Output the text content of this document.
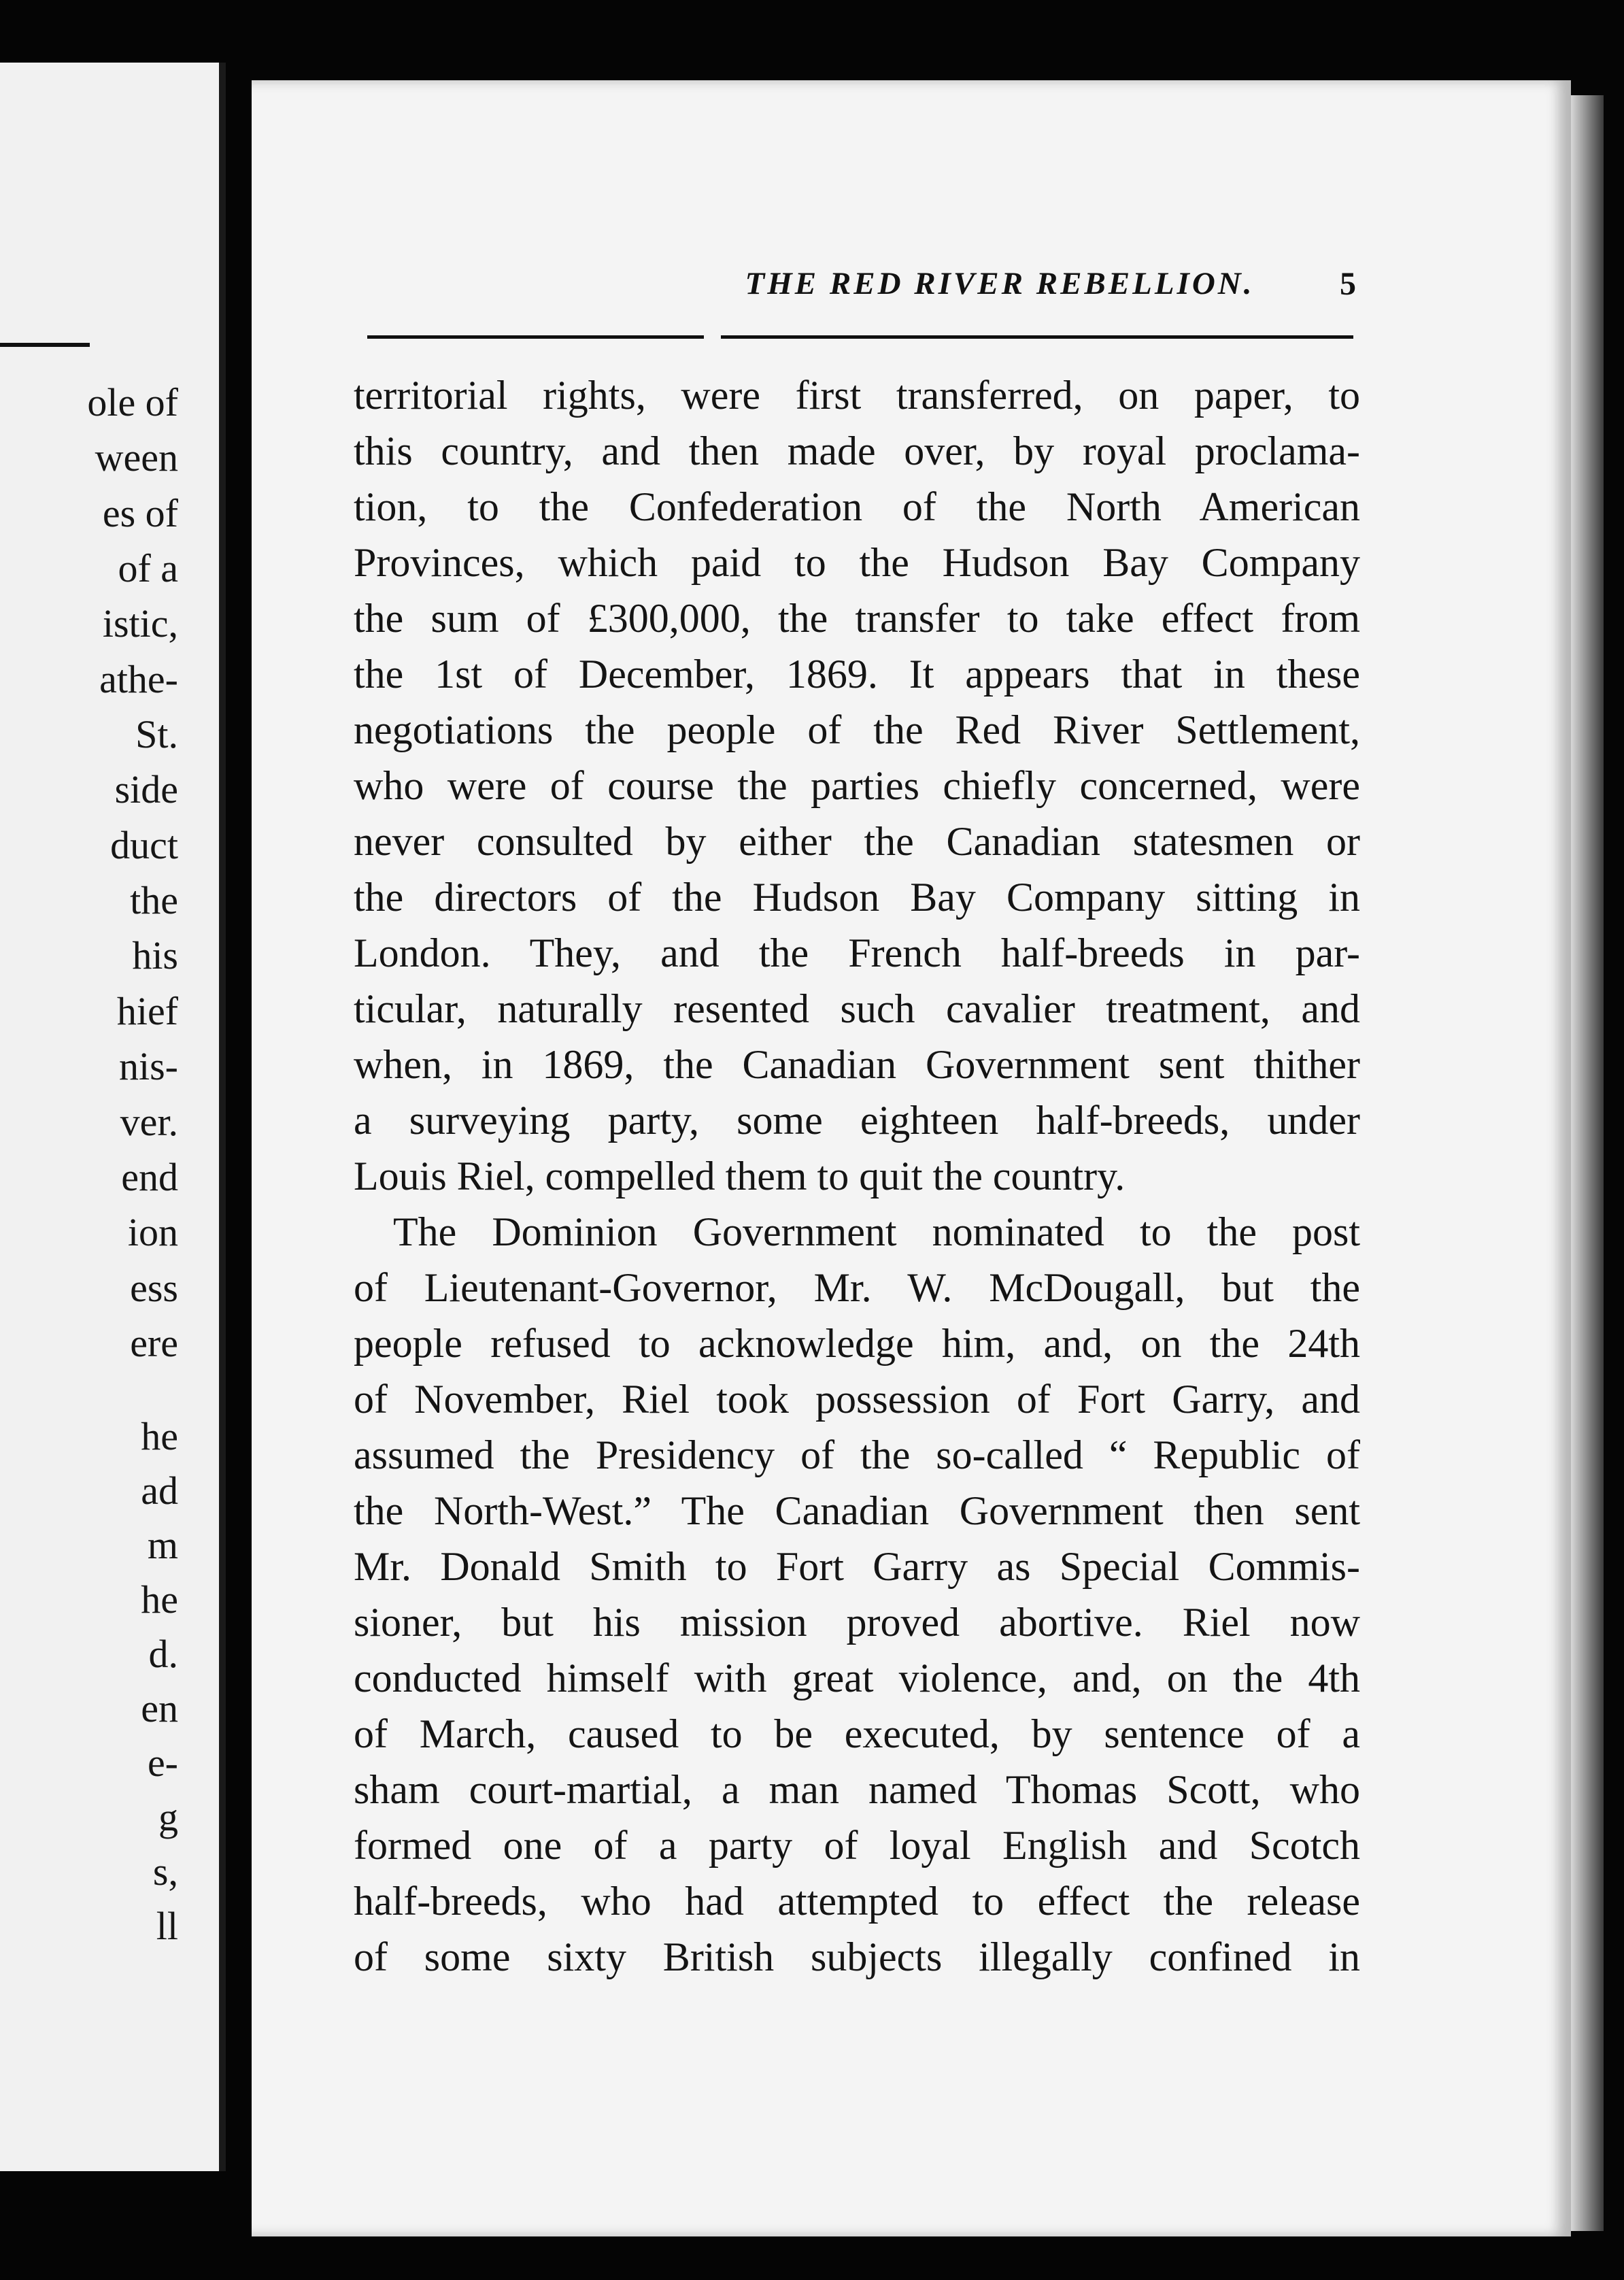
ole of
ween
es of
of a
istic,
athe-
St.
side
duct
the
his
hief
nis-
ver.
end
ion
ess
ere
he
ad
m
he
d.
en
e-
g
s,
ll
THE RED RIVER REBELLION.	5
territorial rights, were first transferred, on paper, to
this country, and then made over, by royal proclama-
tion, to the Confederation of the North American
Provinces, which paid to the Hudson Bay Company
the sum of £300,000, the transfer to take effect from
the 1st of December, 1869. It appears that in these
negotiations the people of the Red River Settlement,
who were of course the parties chiefly concerned, were
never consulted by either the Canadian statesmen or
the directors of the Hudson Bay Company sitting in
London. They, and the French half-breeds in par-
ticular, naturally resented such cavalier treatment, and
when, in 1869, the Canadian Government sent thither
a surveying party, some eighteen half-breeds, under
Louis Riel, compelled them to quit the country.
The Dominion Government nominated to the post
of Lieutenant-Governor, Mr. W. McDougall, but the
people refused to acknowledge him, and, on the 24th
of November, Riel took possession of Fort Garry, and
assumed the Presidency of the so-called “ Republic of
the North-West.” The Canadian Government then sent
Mr. Donald Smith to Fort Garry as Special Commis-
sioner, but his mission proved abortive. Riel now
conducted himself with great violence, and, on the 4th
of March, caused to be executed, by sentence of a
sham court-martial, a man named Thomas Scott, who
formed one of a party of loyal English and Scotch
half-breeds, who had attempted to effect the release
of some sixty British subjects illegally confined in
